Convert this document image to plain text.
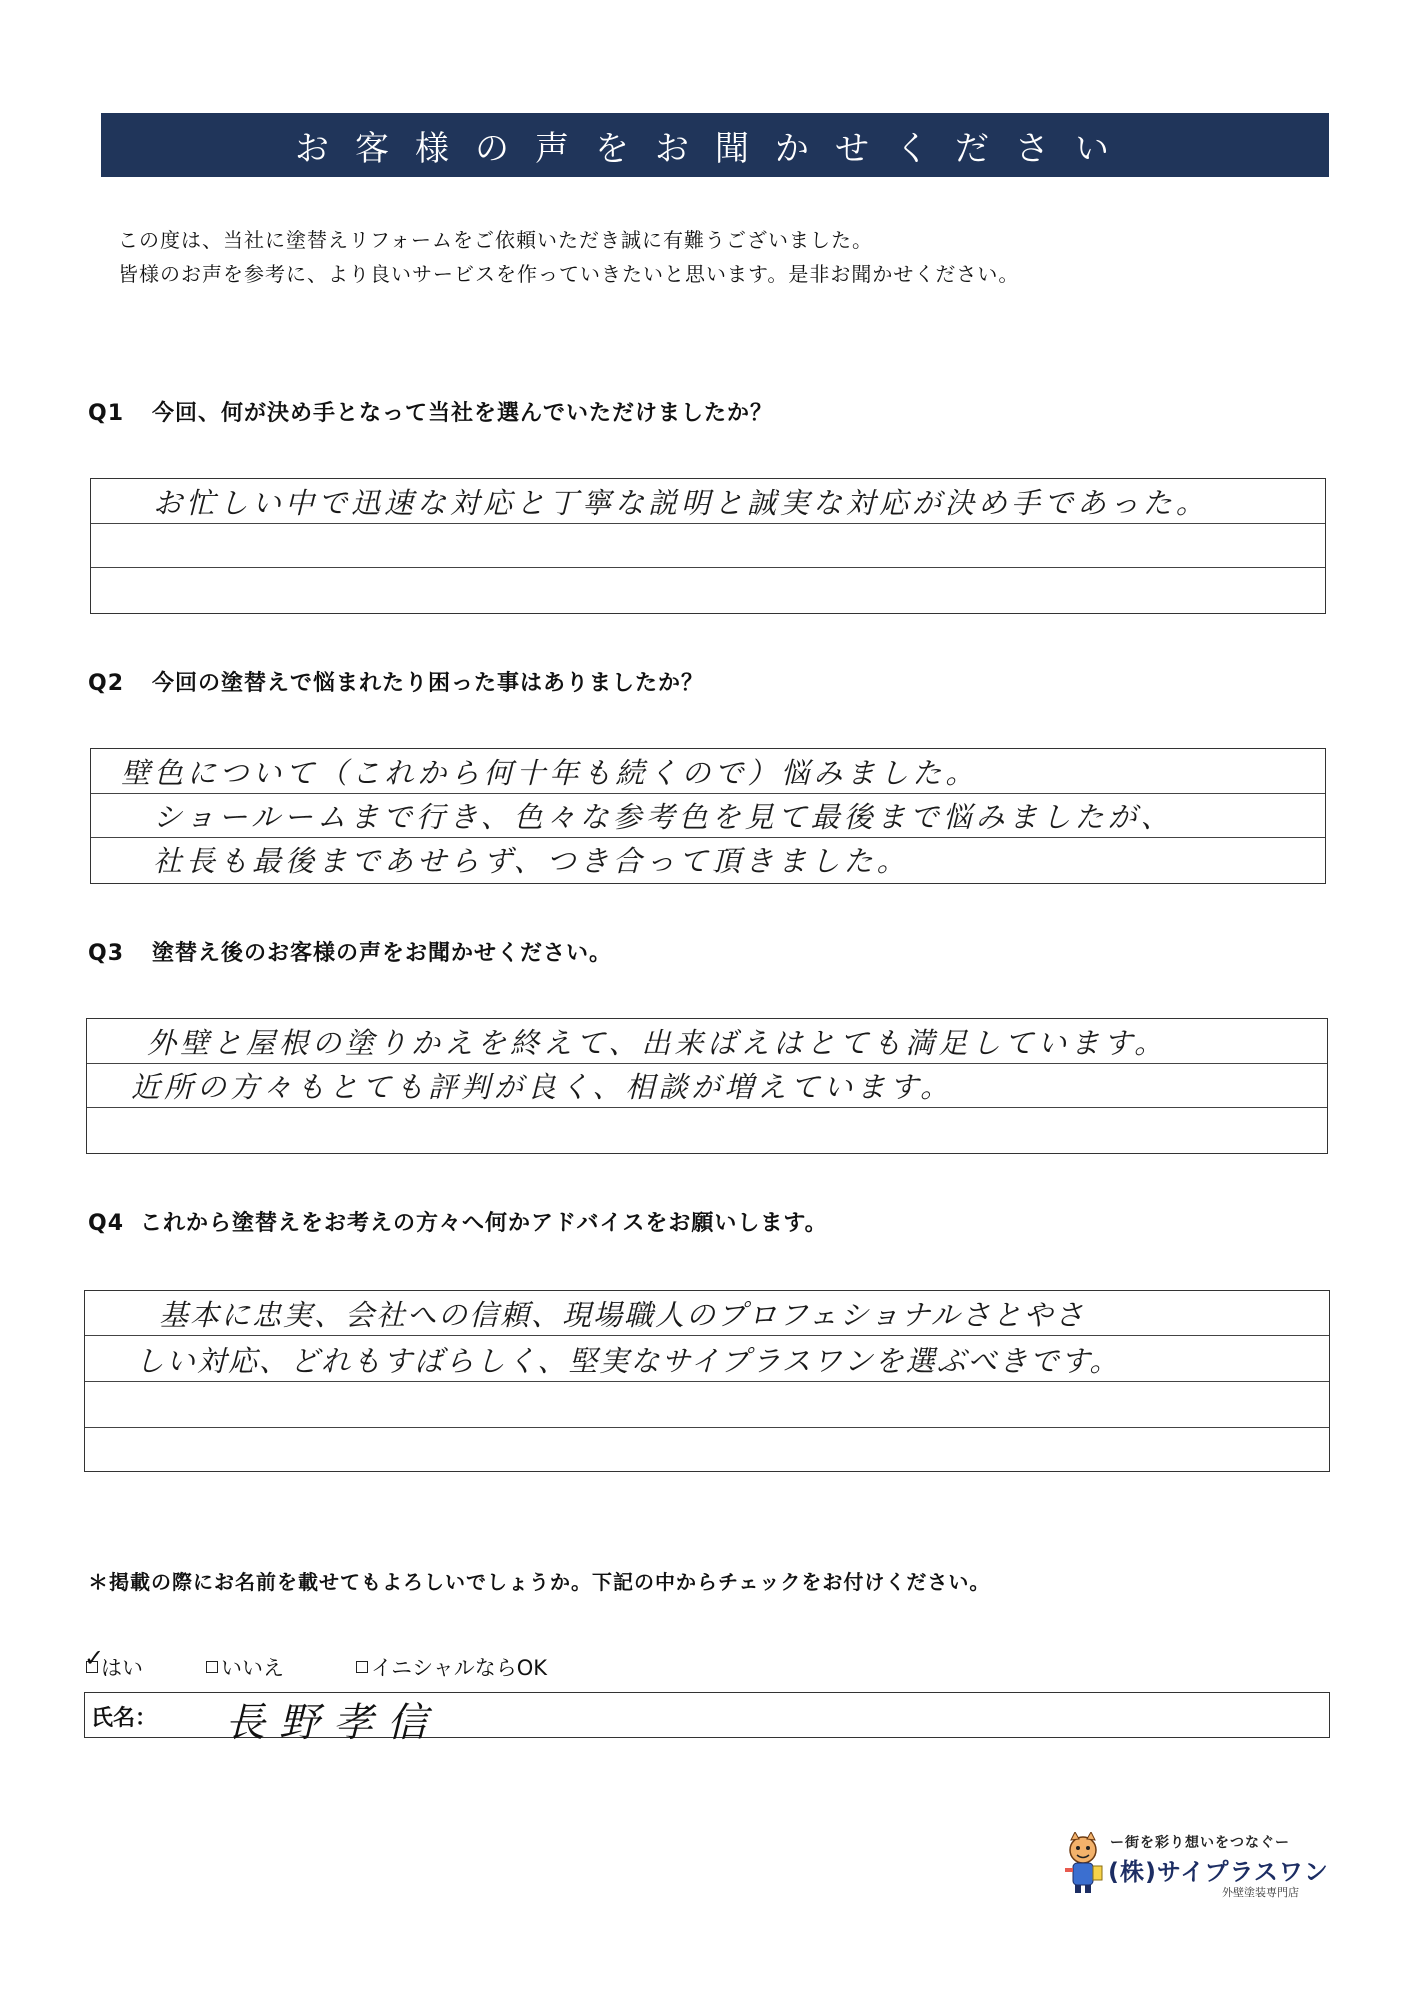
お客様の声をお聞かせください
この度は、当社に塗替えリフォームをご依頼いただき誠に有難うございました。
皆様のお声を参考に、より良いサービスを作っていきたいと思います。是非お聞かせください。
Q1 今回、何が決め手となって当社を選んでいただけましたか？
お忙しい中で迅速な対応と丁寧な説明と誠実な対応が決め手であった。
Q2 今回の塗替えで悩まれたり困った事はありましたか？
壁色について（これから何十年も続くので）悩みました。
ショールームまで行き、色々な参考色を見て最後まで悩みましたが、
社長も最後まであせらず、つき合って頂きました。
Q3 塗替え後のお客様の声をお聞かせください。
外壁と屋根の塗りかえを終えて、出来ばえはとても満足しています。
近所の方々もとても評判が良く、相談が増えています。
Q4 これから塗替えをお考えの方々へ何かアドバイスをお願いします。
基本に忠実、会社への信頼、現場職人のプロフェショナルさとやさ
しい対応、どれもすばらしく、堅実なサイプラスワンを選ぶべきです。
＊掲載の際にお名前を載せてもよろしいでしょうか。下記の中からチェックをお付けください。
✓
はい	いいえ	イニシャルならOK
氏名： 長野孝信
ー街を彩り想いをつなぐー
(株)サイプラスワン
外壁塗装専門店
